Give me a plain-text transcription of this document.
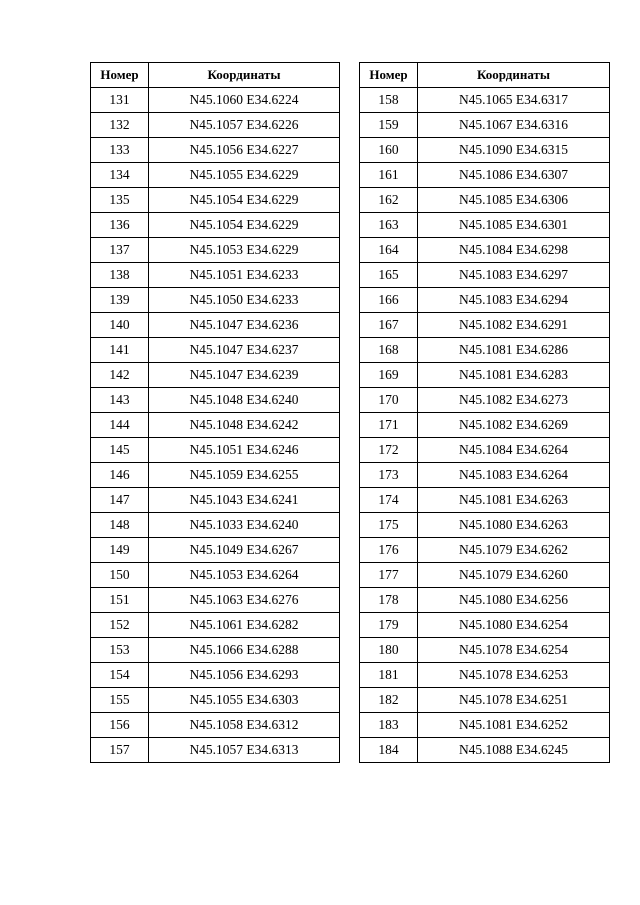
Номер	Координаты
131	N45.1060 E34.6224
132	N45.1057 E34.6226
133	N45.1056 E34.6227
134	N45.1055 E34.6229
135	N45.1054 E34.6229
136	N45.1054 E34.6229
137	N45.1053 E34.6229
138	N45.1051 E34.6233
139	N45.1050 E34.6233
140	N45.1047 E34.6236
141	N45.1047 E34.6237
142	N45.1047 E34.6239
143	N45.1048 E34.6240
144	N45.1048 E34.6242
145	N45.1051 E34.6246
146	N45.1059 E34.6255
147	N45.1043 E34.6241
148	N45.1033 E34.6240
149	N45.1049 E34.6267
150	N45.1053 E34.6264
151	N45.1063 E34.6276
152	N45.1061 E34.6282
153	N45.1066 E34.6288
154	N45.1056 E34.6293
155	N45.1055 E34.6303
156	N45.1058 E34.6312
157	N45.1057 E34.6313
Номер	Координаты
158	N45.1065 E34.6317
159	N45.1067 E34.6316
160	N45.1090 E34.6315
161	N45.1086 E34.6307
162	N45.1085 E34.6306
163	N45.1085 E34.6301
164	N45.1084 E34.6298
165	N45.1083 E34.6297
166	N45.1083 E34.6294
167	N45.1082 E34.6291
168	N45.1081 E34.6286
169	N45.1081 E34.6283
170	N45.1082 E34.6273
171	N45.1082 E34.6269
172	N45.1084 E34.6264
173	N45.1083 E34.6264
174	N45.1081 E34.6263
175	N45.1080 E34.6263
176	N45.1079 E34.6262
177	N45.1079 E34.6260
178	N45.1080 E34.6256
179	N45.1080 E34.6254
180	N45.1078 E34.6254
181	N45.1078 E34.6253
182	N45.1078 E34.6251
183	N45.1081 E34.6252
184	N45.1088 E34.6245
